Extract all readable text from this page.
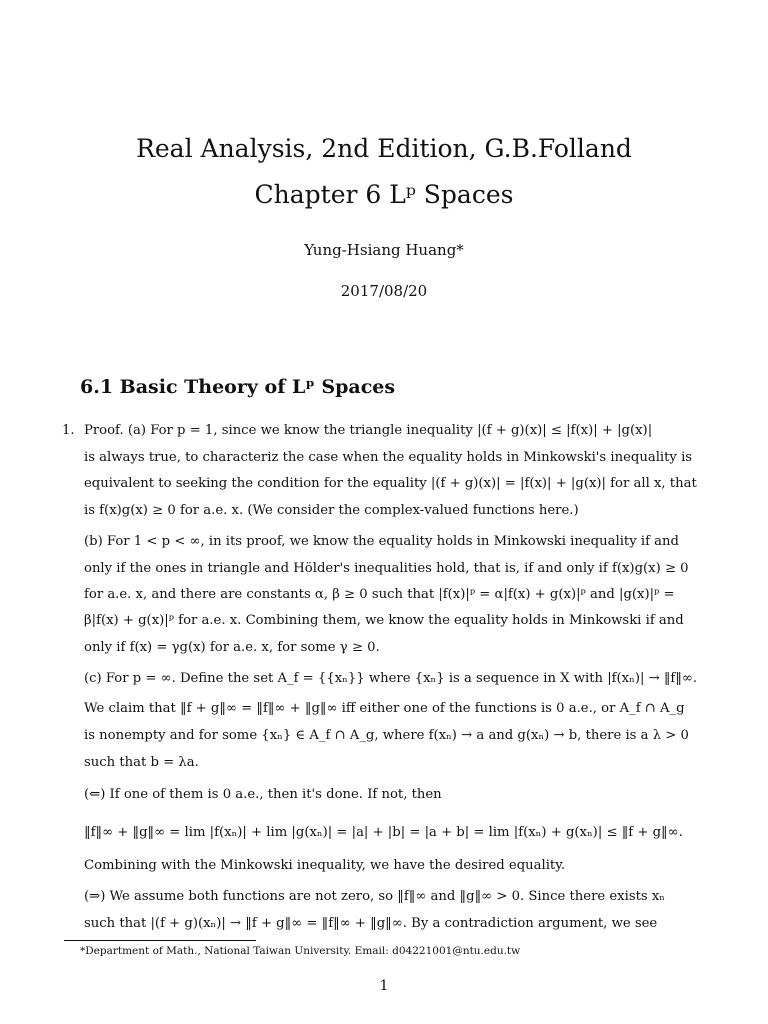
Real Analysis, 2nd Edition, G.B.Folland
Chapter 6 Lᵖ Spaces
Yung-Hsiang Huang*
2017/08/20
6.1 Basic Theory of Lᵖ Spaces
1. Proof. (a) For p = 1, since we know the triangle inequality |(f + g)(x)| ≤ |f(x)| + |g(x)|
is always true, to characteriz the case when the equality holds in Minkowski's inequality is
equivalent to seeking the condition for the equality |(f + g)(x)| = |f(x)| + |g(x)| for all x, that
is f(x)g(x) ≥ 0 for a.e. x. (We consider the complex-valued functions here.)
(b) For 1 < p < ∞, in its proof, we know the equality holds in Minkowski inequality if and
only if the ones in triangle and Hölder's inequalities hold, that is, if and only if f(x)g(x) ≥ 0
for a.e. x, and there are constants α, β ≥ 0 such that |f(x)|ᵖ = α|f(x) + g(x)|ᵖ and |g(x)|ᵖ =
β|f(x) + g(x)|ᵖ for a.e. x. Combining them, we know the equality holds in Minkowski if and
only if f(x) = γg(x) for a.e. x, for some γ ≥ 0.
(c) For p = ∞. Define the set A_f = {{xₙ}} where {xₙ} is a sequence in X with |f(xₙ)| → ‖f‖∞.
We claim that ‖f + g‖∞ = ‖f‖∞ + ‖g‖∞ iff either one of the functions is 0 a.e., or A_f ∩ A_g
is nonempty and for some {xₙ} ∈ A_f ∩ A_g, where f(xₙ) → a and g(xₙ) → b, there is a λ > 0
such that b = λa.
(⇐) If one of them is 0 a.e., then it's done. If not, then
‖f‖∞ + ‖g‖∞ = lim |f(xₙ)| + lim |g(xₙ)| = |a| + |b| = |a + b| = lim |f(xₙ) + g(xₙ)| ≤ ‖f + g‖∞.
Combining with the Minkowski inequality, we have the desired equality.
(⇒) We assume both functions are not zero, so ‖f‖∞ and ‖g‖∞ > 0. Since there exists xₙ
such that |(f + g)(xₙ)| → ‖f + g‖∞ = ‖f‖∞ + ‖g‖∞. By a contradiction argument, we see
*Department of Math., National Taiwan University. Email: d04221001@ntu.edu.tw
1
